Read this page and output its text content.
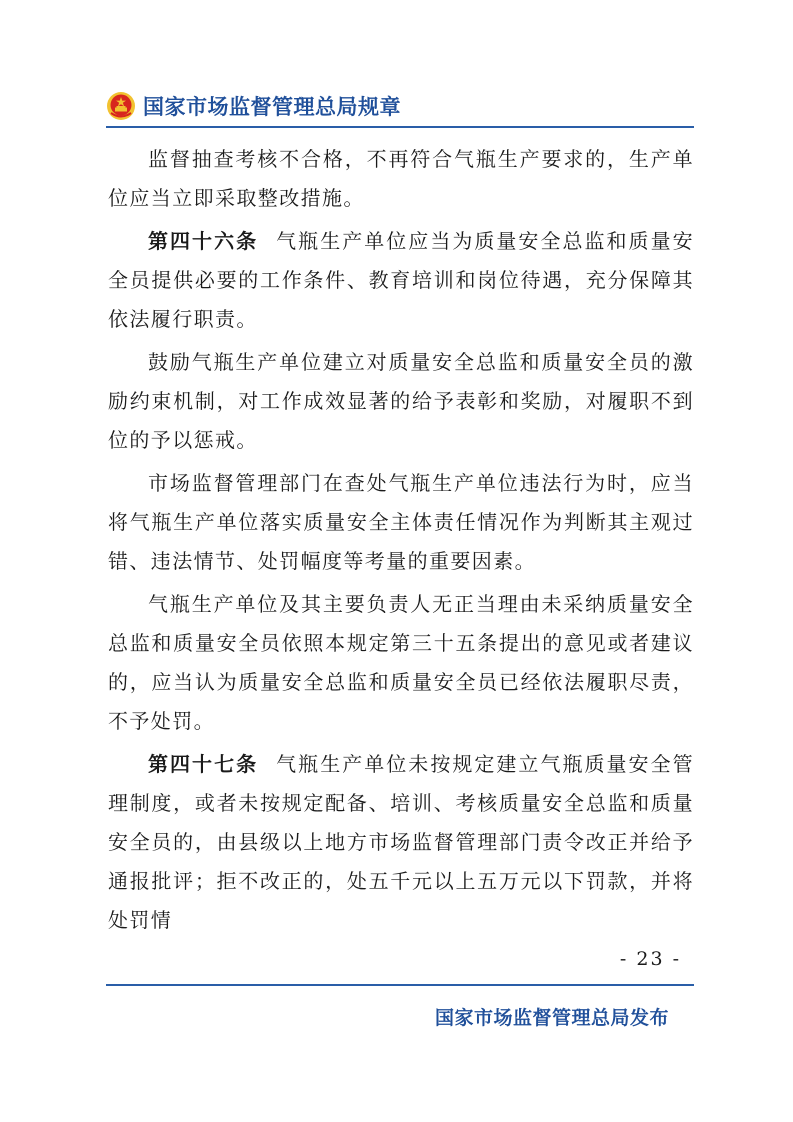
国家市场监督管理总局规章

监督抽查考核不合格，不再符合气瓶生产要求的，生产单位应当立即采取整改措施。

第四十六条 气瓶生产单位应当为质量安全总监和质量安全员提供必要的工作条件、教育培训和岗位待遇，充分保障其依法履行职责。

鼓励气瓶生产单位建立对质量安全总监和质量安全员的激励约束机制，对工作成效显著的给予表彰和奖励，对履职不到位的予以惩戒。

市场监督管理部门在查处气瓶生产单位违法行为时，应当将气瓶生产单位落实质量安全主体责任情况作为判断其主观过错、违法情节、处罚幅度等考量的重要因素。

气瓶生产单位及其主要负责人无正当理由未采纳质量安全总监和质量安全员依照本规定第三十五条提出的意见或者建议的，应当认为质量安全总监和质量安全员已经依法履职尽责，不予处罚。

第四十七条 气瓶生产单位未按规定建立气瓶质量安全管理制度，或者未按规定配备、培训、考核质量安全总监和质量安全员的，由县级以上地方市场监督管理部门责令改正并给予通报批评；拒不改正的，处五千元以上五万元以下罚款，并将处罚情

- 23 -
国家市场监督管理总局发布
